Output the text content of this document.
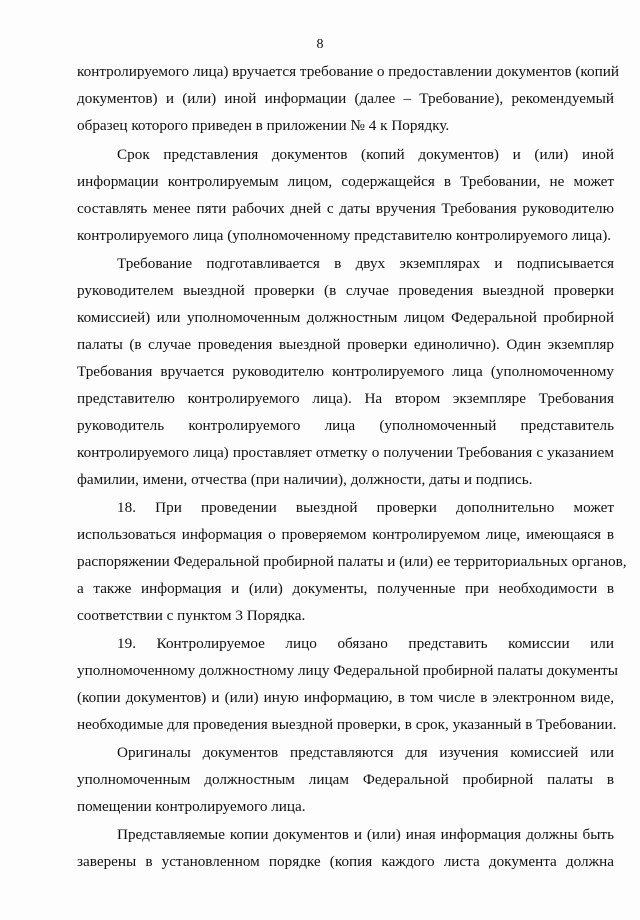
8
контролируемого лица) вручается требование о предоставлении документов (копий
документов) и (или) иной информации (далее – Требование), рекомендуемый
образец которого приведен в приложении № 4 к Порядку.
Срок представления документов (копий документов) и (или) иной
информации контролируемым лицом, содержащейся в Требовании, не может
составлять менее пяти рабочих дней с даты вручения Требования руководителю
контролируемого лица (уполномоченному представителю контролируемого лица).
Требование подготавливается в двух экземплярах и подписывается
руководителем выездной проверки (в случае проведения выездной проверки
комиссией) или уполномоченным должностным лицом Федеральной пробирной
палаты (в случае проведения выездной проверки единолично). Один экземпляр
Требования вручается руководителю контролируемого лица (уполномоченному
представителю контролируемого лица). На втором экземпляре Требования
руководитель контролируемого лица (уполномоченный представитель
контролируемого лица) проставляет отметку о получении Требования с указанием
фамилии, имени, отчества (при наличии), должности, даты и подпись.
18. При проведении выездной проверки дополнительно может
использоваться информация о проверяемом контролируемом лице, имеющаяся в
распоряжении Федеральной пробирной палаты и (или) ее территориальных органов,
а также информация и (или) документы, полученные при необходимости в
соответствии с пунктом 3 Порядка.
19. Контролируемое лицо обязано представить комиссии или
уполномоченному должностному лицу Федеральной пробирной палаты документы
(копии документов) и (или) иную информацию, в том числе в электронном виде,
необходимые для проведения выездной проверки, в срок, указанный в Требовании.
Оригиналы документов представляются для изучения комиссией или
уполномоченным должностным лицам Федеральной пробирной палаты в
помещении контролируемого лица.
Представляемые копии документов и (или) иная информация должны быть
заверены в установленном порядке (копия каждого листа документа должна
